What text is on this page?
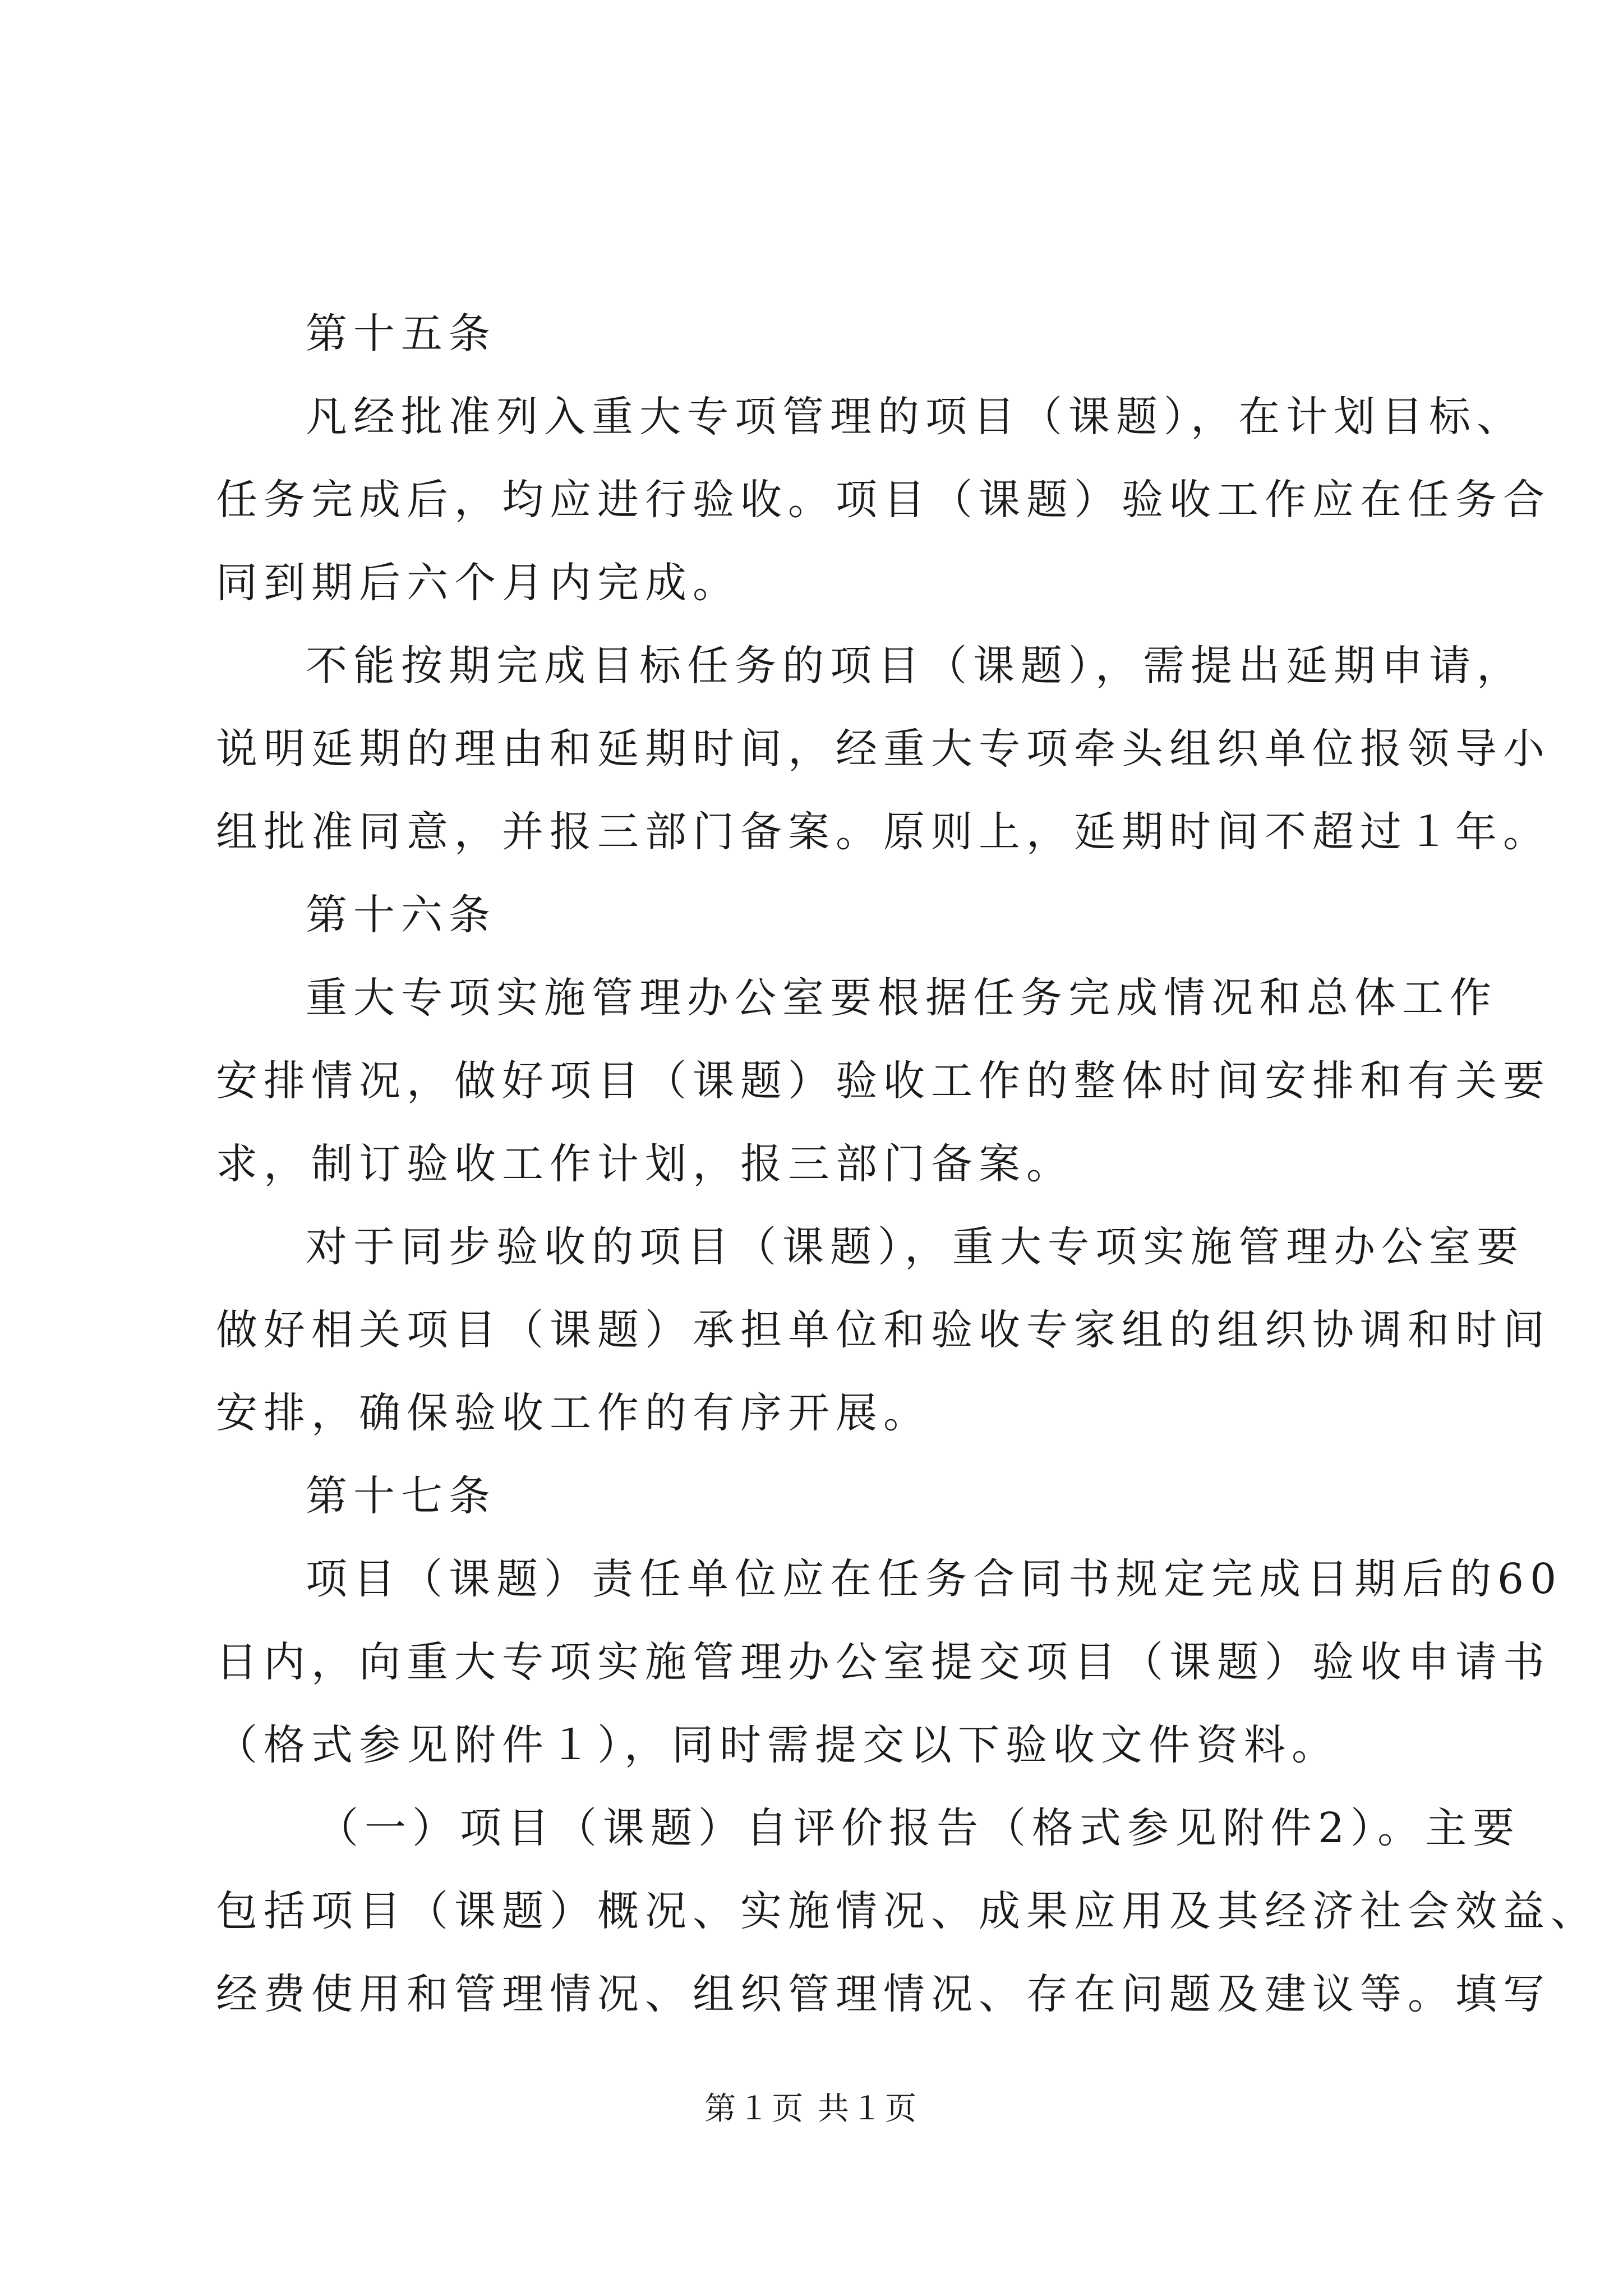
第十五条
凡经批准列入重大专项管理的项目（课题），在计划目标、
任务完成后，均应进行验收。项目（课题）验收工作应在任务合
同到期后六个月内完成。
不能按期完成目标任务的项目（课题），需提出延期申请，
说明延期的理由和延期时间，经重大专项牵头组织单位报领导小
组批准同意，并报三部门备案。原则上，延期时间不超过１年。
第十六条
重大专项实施管理办公室要根据任务完成情况和总体工作
安排情况，做好项目（课题）验收工作的整体时间安排和有关要
求，制订验收工作计划，报三部门备案。
对于同步验收的项目（课题），重大专项实施管理办公室要
做好相关项目（课题）承担单位和验收专家组的组织协调和时间
安排，确保验收工作的有序开展。
第十七条
项目（课题）责任单位应在任务合同书规定完成日期后的60
日内，向重大专项实施管理办公室提交项目（课题）验收申请书
（格式参见附件１），同时需提交以下验收文件资料。
（一）项目（课题）自评价报告（格式参见附件2）。主要
包括项目（课题）概况、实施情况、成果应用及其经济社会效益、
经费使用和管理情况、组织管理情况、存在问题及建议等。填写
第１页 共１页
